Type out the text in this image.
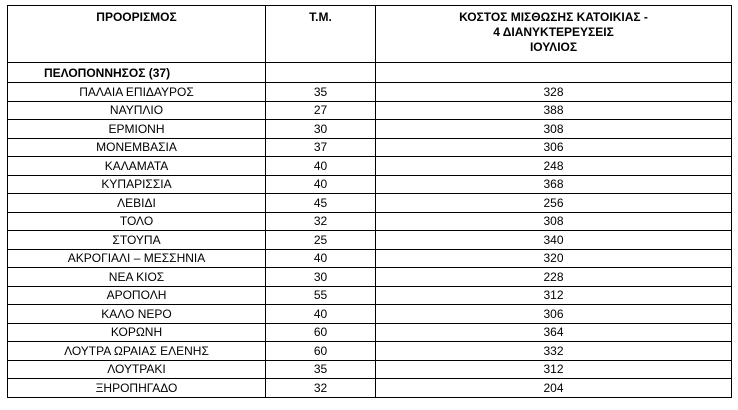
ΠΡΟΟΡΙΣΜΟΣ	Τ.Μ.	ΚΟΣΤΟΣ ΜΙΣΘΩΣΗΣ ΚΑΤΟΙΚΙΑΣ -
4 ΔΙΑΝΥΚΤΕΡΕΥΣΕΙΣ
ΙΟΥΛΙΟΣ

ΠΕΛΟΠΟΝΝΗΣΟΣ (37)		
ΠΑΛΑΙΑ ΕΠΙΔΑΥΡΟΣ	35	328
ΝΑΥΠΛΙΟ	27	388
ΕΡΜΙΟΝΗ	30	308
ΜΟΝΕΜΒΑΣΙΑ	37	306
ΚΑΛΑΜΑΤΑ	40	248
ΚΥΠΑΡΙΣΣΙΑ	40	368
ΛΕΒΙΔΙ	45	256
ΤΟΛΟ	32	308
ΣΤΟΥΠΑ	25	340
ΑΚΡΟΓΙΑΛΙ – ΜΕΣΣΗΝΙΑ	40	320
ΝΕΑ ΚΙΟΣ	30	228
ΑΡΟΠΟΛΗ	55	312
ΚΑΛΟ ΝΕΡΟ	40	306
ΚΟΡΩΝΗ	60	364
ΛΟΥΤΡΑ ΩΡΑΙΑΣ ΕΛΕΝΗΣ	60	332
ΛΟΥΤΡΑΚΙ	35	312
ΞΗΡΟΠΗΓΑΔΟ	32	204
